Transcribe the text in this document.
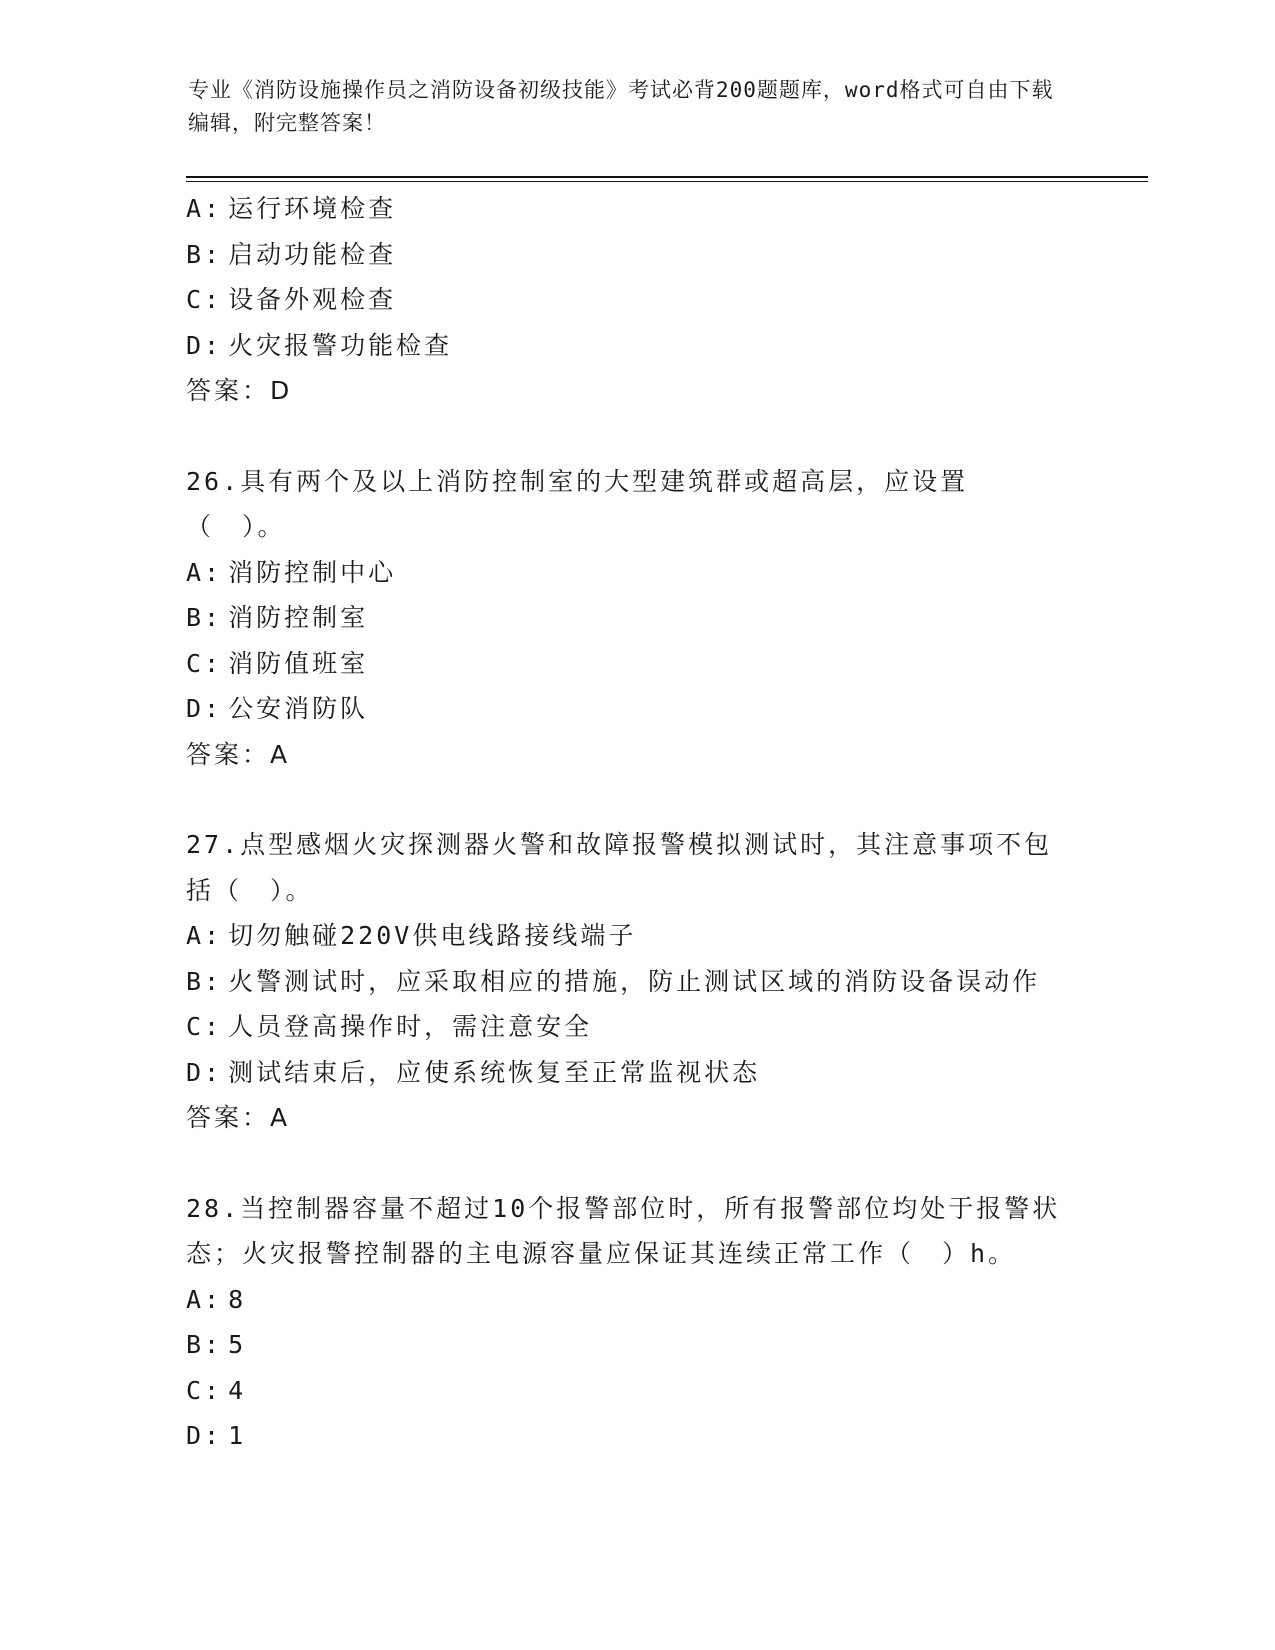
专业《消防设施操作员之消防设备初级技能》考试必背200题题库，word格式可自由下载编辑，附完整答案！
A: 运行环境检查
B: 启动功能检查
C: 设备外观检查
D: 火灾报警功能检查
答案：D
26.具有两个及以上消防控制室的大型建筑群或超高层，应设置（　）。
A: 消防控制中心
B: 消防控制室
C: 消防值班室
D: 公安消防队
答案：A
27.点型感烟火灾探测器火警和故障报警模拟测试时，其注意事项不包括（　）。
A: 切勿触碰220V供电线路接线端子
B: 火警测试时，应采取相应的措施，防止测试区域的消防设备误动作
C: 人员登高操作时，需注意安全
D: 测试结束后，应使系统恢复至正常监视状态
答案：A
28.当控制器容量不超过10个报警部位时，所有报警部位均处于报警状态；火灾报警控制器的主电源容量应保证其连续正常工作（　）h。
A: 8
B: 5
C: 4
D: 1
